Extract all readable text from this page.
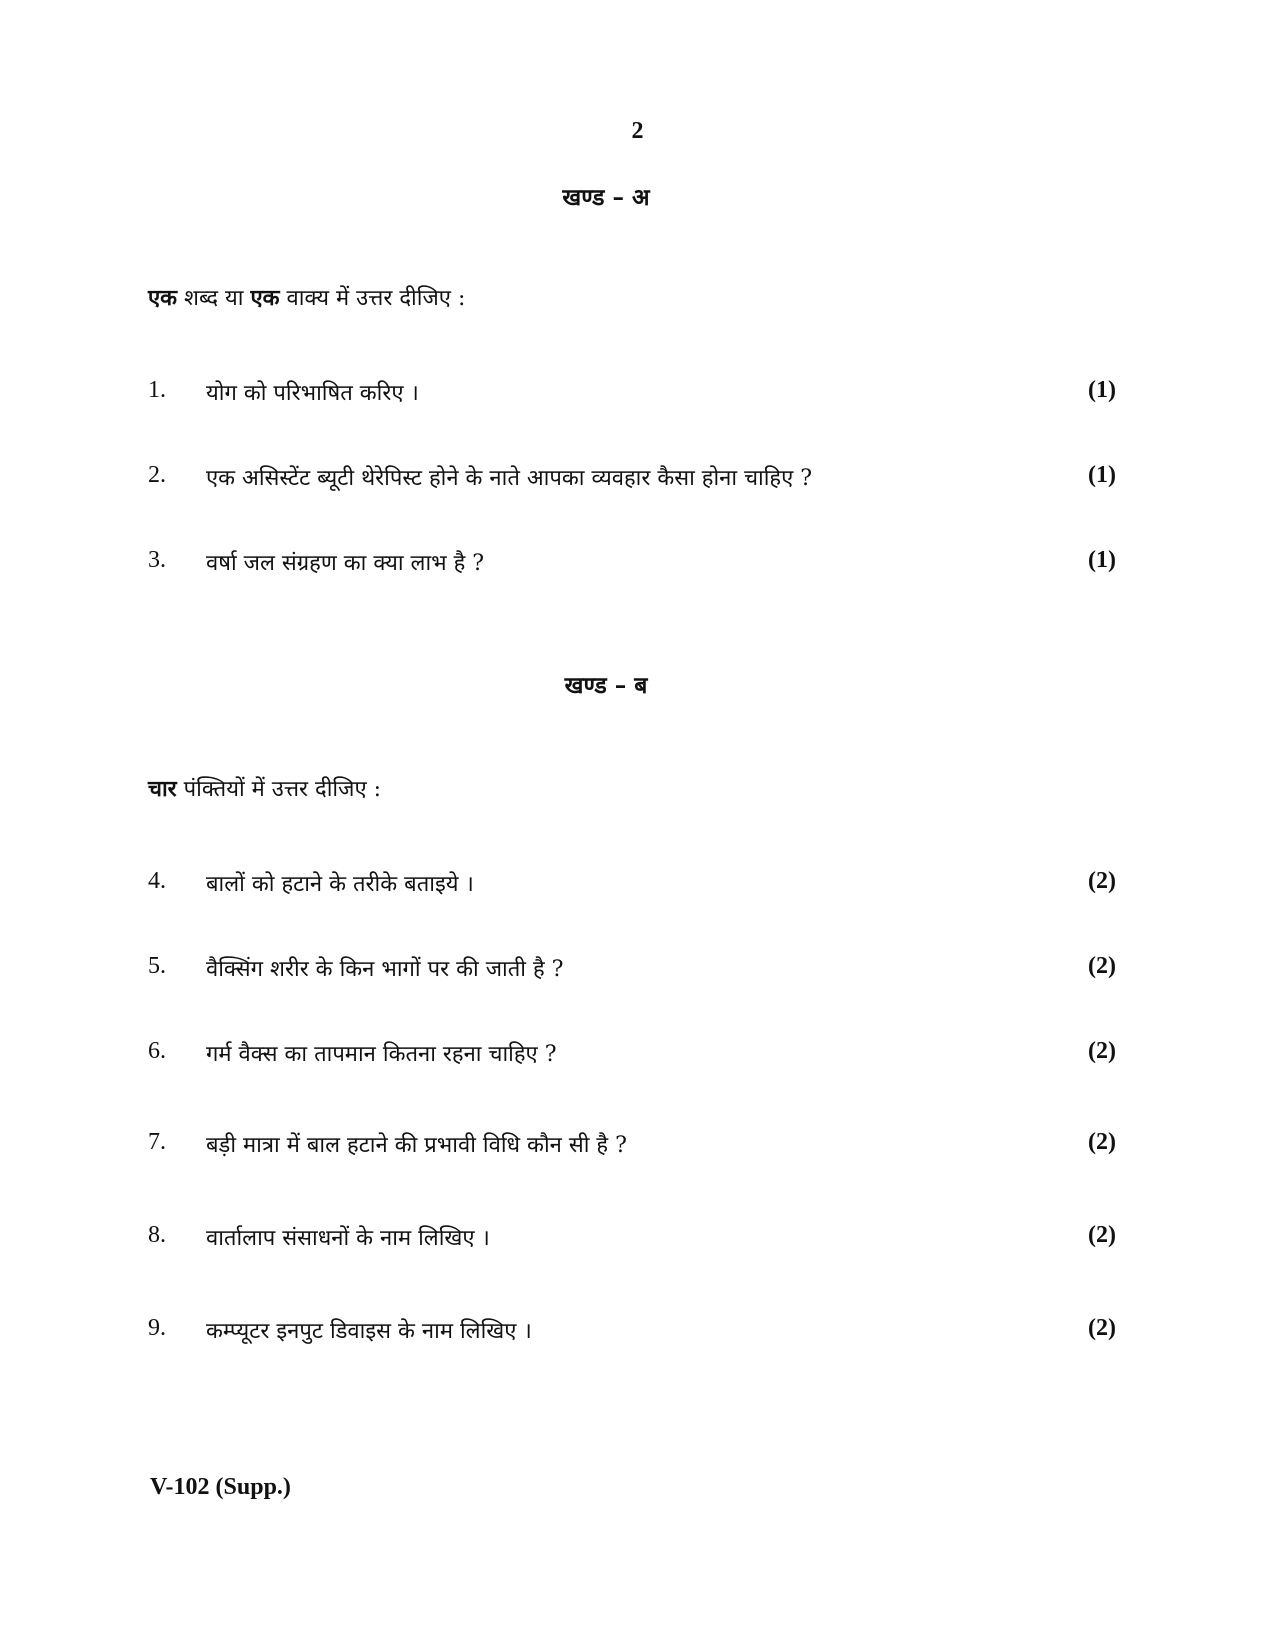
2
खण्ड – अ
एक शब्द या एक वाक्य में उत्तर दीजिए :
1. योग को परिभाषित करिए ।	(1)
2. एक असिस्टेंट ब्यूटी थेरेपिस्ट होने के नाते आपका व्यवहार कैसा होना चाहिए ?	(1)
3. वर्षा जल संग्रहण का क्या लाभ है ?	(1)
खण्ड – ब
चार पंक्तियों में उत्तर दीजिए :
4. बालों को हटाने के तरीके बताइये ।	(2)
5. वैक्सिंग शरीर के किन भागों पर की जाती है ?	(2)
6. गर्म वैक्स का तापमान कितना रहना चाहिए ?	(2)
7. बड़ी मात्रा में बाल हटाने की प्रभावी विधि कौन सी है ?	(2)
8. वार्तालाप संसाधनों के नाम लिखिए ।	(2)
9. कम्प्यूटर इनपुट डिवाइस के नाम लिखिए ।	(2)
V-102 (Supp.)
